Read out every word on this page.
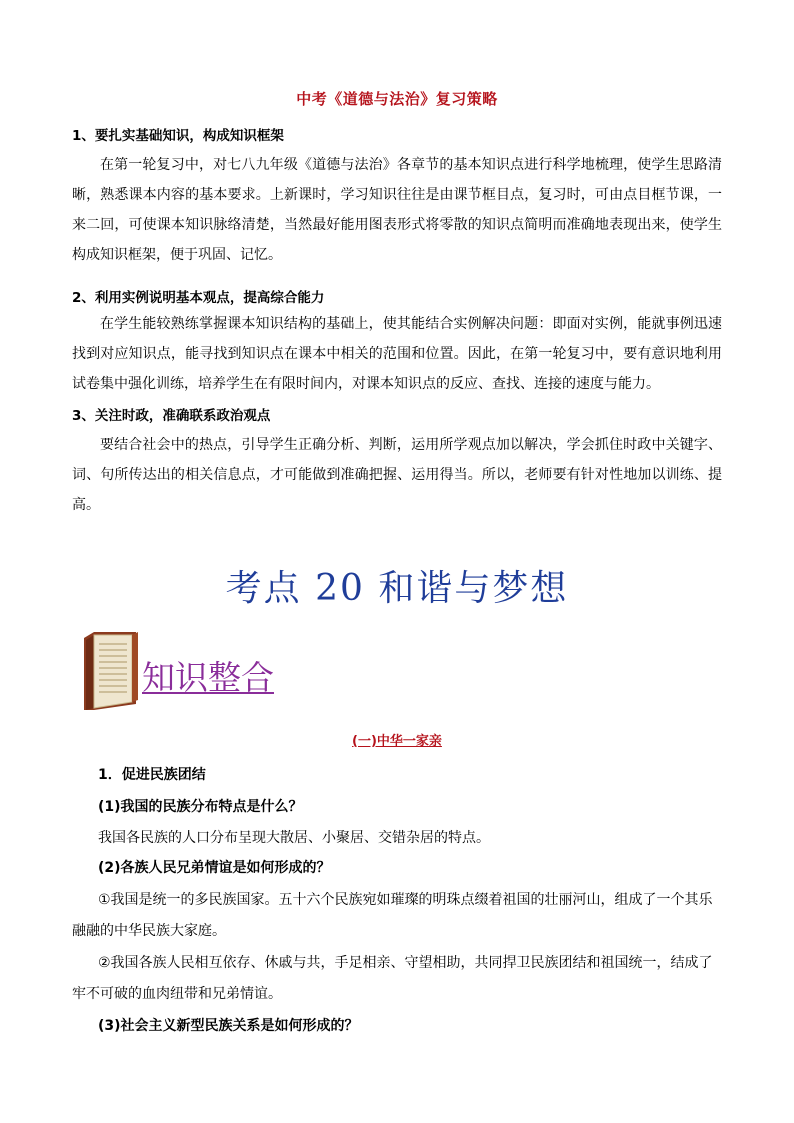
中考《道德与法治》复习策略
1、要扎实基础知识，构成知识框架

在第一轮复习中，对七八九年级《道德与法治》各章节的基本知识点进行科学地梳理，使学生思路清晰，熟悉课本内容的基本要求。上新课时，学习知识往往是由课节框目点，复习时，可由点目框节课，一来二回，可使课本知识脉络清楚，当然最好能用图表形式将零散的知识点简明而准确地表现出来，使学生构成知识框架，便于巩固、记忆。

2、利用实例说明基本观点，提高综合能力

在学生能较熟练掌握课本知识结构的基础上，使其能结合实例解决问题：即面对实例，能就事例迅速找到对应知识点，能寻找到知识点在课本中相关的范围和位置。因此，在第一轮复习中，要有意识地利用试卷集中强化训练，培养学生在有限时间内，对课本知识点的反应、查找、连接的速度与能力。

3、关注时政，准确联系政治观点

要结合社会中的热点，引导学生正确分析、判断，运用所学观点加以解决，学会抓住时政中关键字、词、句所传达出的相关信息点，才可能做到准确把握、运用得当。所以，老师要有针对性地加以训练、提高。

考点 20 和谐与梦想
知识整合
(一)中华一家亲
1．促进民族团结
(1)我国的民族分布特点是什么？
我国各民族的人口分布呈现大散居、小聚居、交错杂居的特点。
(2)各族人民兄弟情谊是如何形成的？
①我国是统一的多民族国家。五十六个民族宛如璀璨的明珠点缀着祖国的壮丽河山，组成了一个其乐
融融的中华民族大家庭。
②我国各族人民相互依存、休戚与共，手足相亲、守望相助，共同捍卫民族团结和祖国统一，结成了
牢不可破的血肉纽带和兄弟情谊。
(3)社会主义新型民族关系是如何形成的？
